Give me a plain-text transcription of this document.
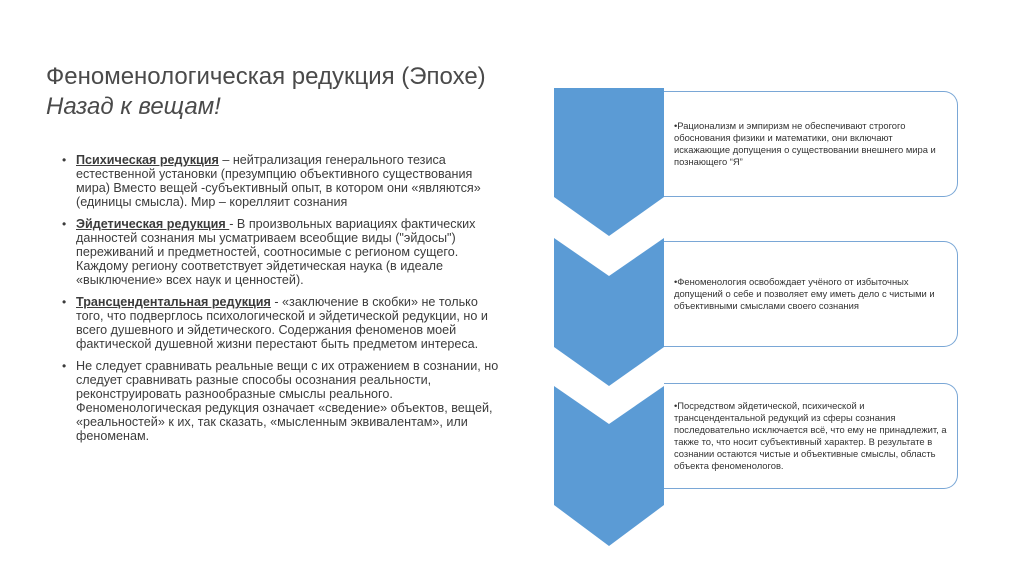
Феноменологическая редукция (Эпохе)
Назад к вещам!
• Психическая редукция – нейтрализация генерального тезиса естественной установки (презумпцию объективного существования мира) Вместо вещей -субъективный опыт, в котором они «являются» (единицы смысла). Мир – корелляит сознания
• Эйдетическая редукция - В произвольных вариациях фактических данностей сознания мы усматриваем всеобщие виды ("эйдосы") переживаний и предметностей, соотносимые с регионом сущего. Каждому региону соответствует эйдетическая наука (в идеале «выключение» всех наук и ценностей).
• Трансцендентальная редукция - «заключение в скобки» не только того, что подверглось психологической и эйдетической редукции, но и всего душевного и эйдетического. Содержания феноменов моей фактической душевной жизни перестают быть предметом интереса.
• Не следует сравнивать реальные вещи с их отражением в сознании, но следует сравнивать разные способы осознания реальности, реконструировать разнообразные смыслы реального. Феноменологическая редукция означает «сведение» объектов, вещей, «реальностей» к их, так сказать, «мысленным эквивалентам», или феноменам.
•Рационализм и эмпиризм не обеспечивают строгого обоснования физики и математики, они включают искажающие допущения о существовании внешнего мира и познающего “Я”
•Феноменология освобождает учёного от избыточных допущений о себе и позволяет ему иметь дело с чистыми и объективными смыслами своего сознания
•Посредством эйдетической, психической и трансцендентальной редукций из сферы сознания последовательно исключается всё, что ему не принадлежит, а также то, что носит субъективный характер. В результате в сознании остаются чистые и объективные смыслы, область объекта феноменологов.
